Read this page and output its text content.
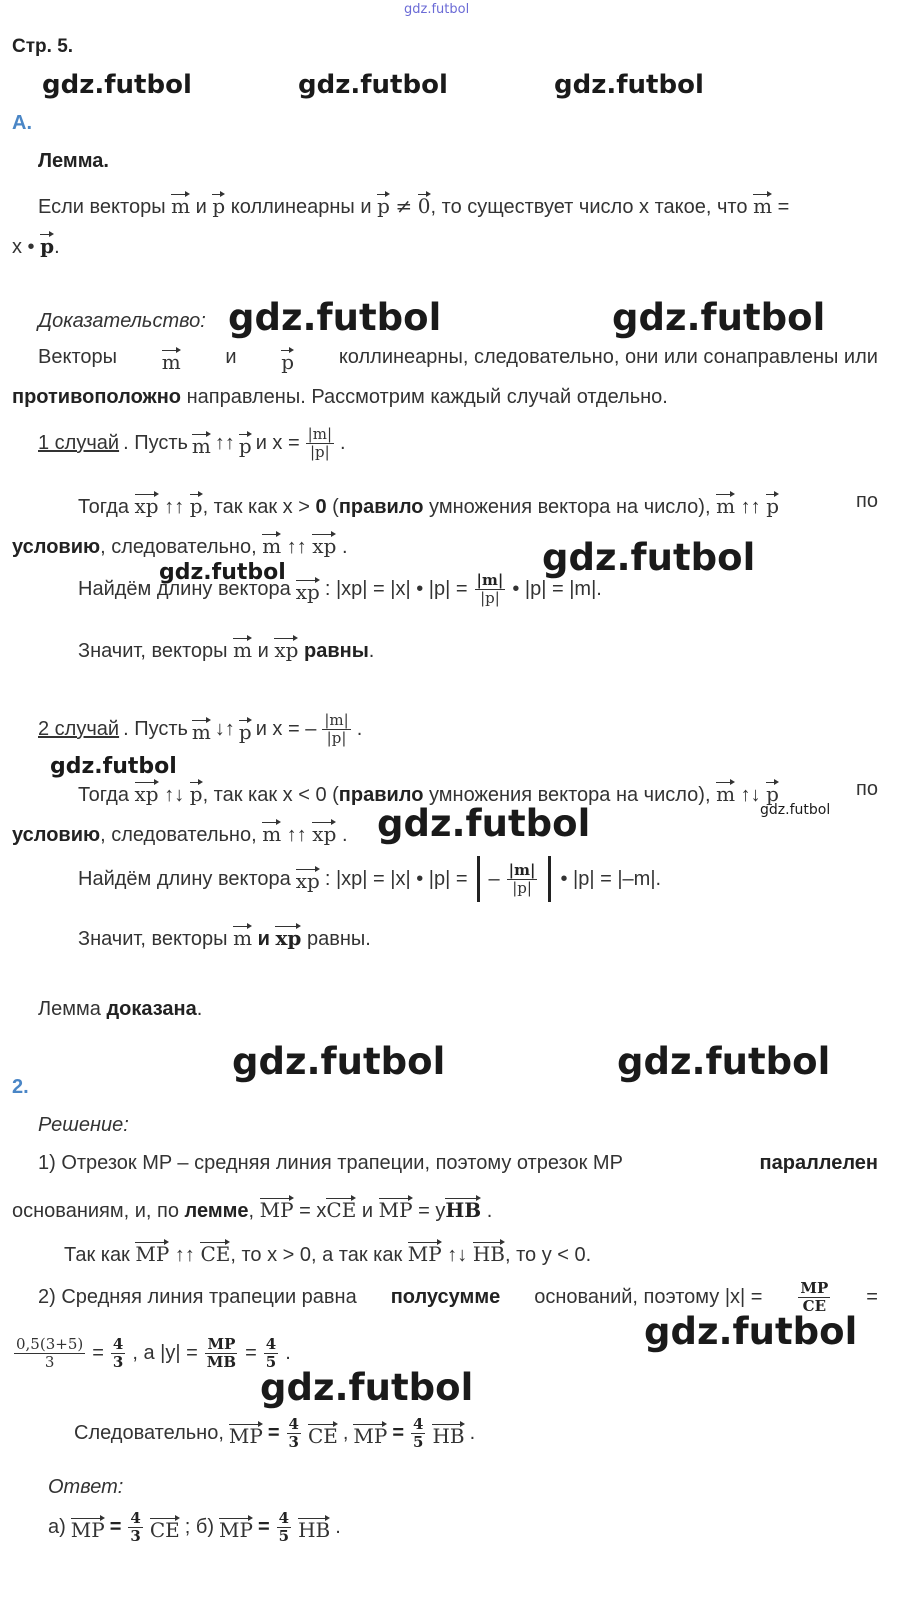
gdz.futbol
gdz.futbol	gdz.futbol	gdz.futbol
gdz.futbol	gdz.futbol
gdz.futbol
gdz.futbol
gdz.futbol
gdz.futbol
gdz.futbol
gdz.futbol	gdz.futbol
gdz.futbol
gdz.futbol
Стр. 5.
А.
Лемма.
Если векторы m и p коллинеарны и p ≠ 0, то существует число x такое, что m =
x • p.
Доказательство:
Векторы m и p коллинеарны, следовательно, они или сонаправлены или
противоположно направлены. Рассмотрим каждый случай отдельно.
1 случай . Пусть m ↑↑ p и $x = \frac{|m|}{|p|}$ .
Тогда xp ↑↑ p, так как x > 0 (правило умножения вектора на число), m ↑↑ p	по
условию, следовательно, m ↑↑ xp .
Найдём длину вектора xp : |xp| = |x| • $|p| = \frac{|m|}{|p|}$ • |p| = |m|.
Значит, векторы m и xp равны.
2 случай . Пусть m ↓↑ p и x = – $\frac{|m|}{|p|}$ .
Тогда xp ↑↓ p, так как x < 0 (правило умножения вектора на число), m ↑↓ p	по
условию, следовательно, m ↑↑ xp .
Найдём длину вектора xp : |xp| = |x| • |p| = – $\frac{|m|}{|p|}$ • |p| = |–m|.
Значит, векторы m и xp равны.
Лемма доказана.
2.
Решение:
1) Отрезок MP – средняя линия трапеции, поэтому отрезок MP	параллелен
основаниям, и, по лемме, MP = xCE и MP = yHB .
Так как MP ↑↑ CE, то x > 0, а так как MP ↑↓ HB, то y < 0.
2) Средняя линия трапеции равна полусумме оснований, поэтому $|x| = \frac{MP}{CE}$ =
$\frac{0,5(3+5)}{3} = \frac{4}{3}$ , а $|y| = \frac{MP}{MB} = \frac{4}{5}$ .
Следовательно, MP = $\frac{4}{3}$ CE , MP = $\frac{4}{5}$ HB .
Ответ:
а) MP = $\frac{4}{3}$ CE ; б) MP = $\frac{4}{5}$ HB .
